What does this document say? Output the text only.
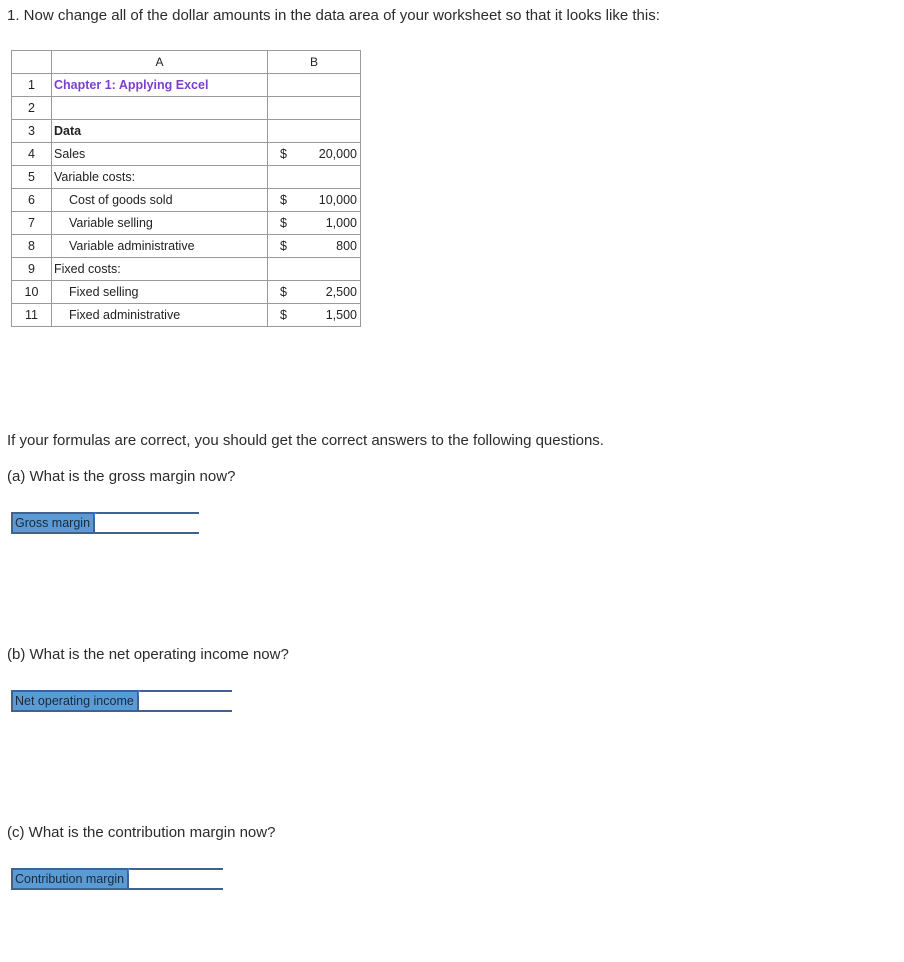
1. Now change all of the dollar amounts in the data area of your worksheet so that it looks like this:
	A	B
1	Chapter 1: Applying Excel	
2		
3	Data	
4	Sales	$ 20,000

5	Variable costs:	
6	Cost of goods sold	$ 10,000

7	Variable selling	$ 1,000

8	Variable administrative	$ 800

9	Fixed costs:	
10	Fixed selling	$ 2,500

11	Fixed administrative	$ 1,500
If your formulas are correct, you should get the correct answers to the following questions.
(a) What is the gross margin now?
Gross margin
(b) What is the net operating income now?
Net operating income
(c) What is the contribution margin now?
Contribution margin
